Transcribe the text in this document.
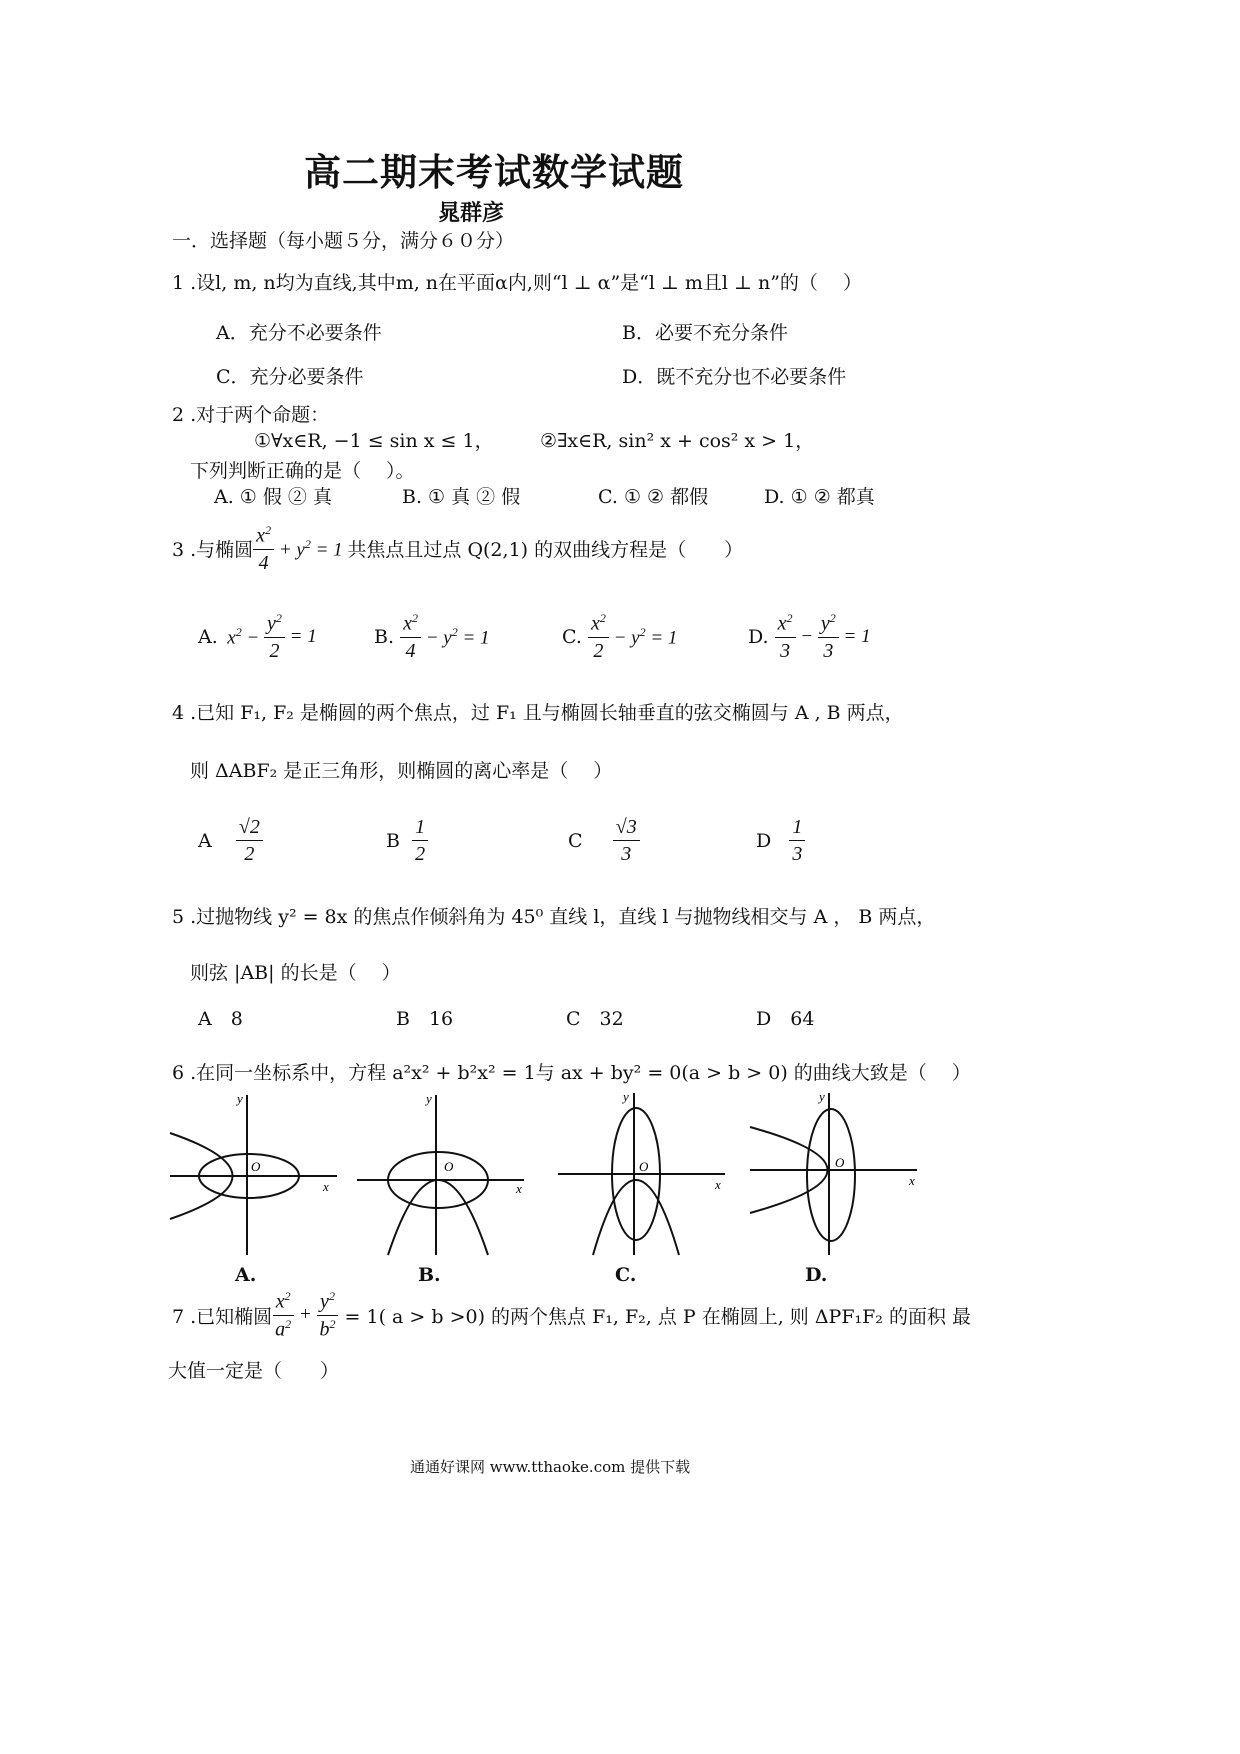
高二期末考试数学试题
晁群彦
一．选择题（每小题５分，满分６０分）
1 .设l, m, n均为直线,其中m, n在平面α内,则“l ⊥ α”是“l ⊥ m且l ⊥ n”的（　 ）
A．充分不必要条件	B．必要不充分条件
C．充分必要条件	D．既不充分也不必要条件
2 .对于两个命题：
①∀x∈R, −1 ≤ sin x ≤ 1， ②∃x∈R, sin² x + cos² x > 1，
下列判断正确的是（　 ）。
A. ① 假 ② 真	B. ① 真 ② 假	C. ① ② 都假	D. ① ② 都真
3 .与椭圆 $\frac{x^2}{4} + y^2 = 1$ 共焦点且过点 Q(2,1) 的双曲线方程是（　　）
A. $x^2 - \frac{y^2}{2} = 1$	B.
$\frac{x^2}{4} - y^2 = 1$	C.
$\frac{x^2}{2} - y^2 = 1$	D.
$\frac{x^2}{3} - \frac{y^2}{3} = 1$
4 .已知 F₁, F₂ 是椭圆的两个焦点，过 F₁ 且与椭圆长轴垂直的弦交椭圆与 A , B 两点，
则 ΔABF₂ 是正三角形，则椭圆的离心率是（　 ）
A
$\frac{√2}{2}$	B
$\frac{1}{2}$	C
$\frac{√3}{3}$	D
$\frac{1}{3}$
5 .过抛物线 y² = 8x 的焦点作倾斜角为 45⁰ 直线 l，直线 l 与抛物线相交与 A ， B 两点，
则弦 |AB| 的长是（　 ）
A　8	B　16	C　32	D　64
6 .在同一坐标系中，方程 a²x² + b²x² = 1与 ax + by² = 0(a > b > 0) 的曲线大致是（　 ）
y
x
O
A.
y
x
O
B.
y
x
O
C.
y
x
O
D.
7 .已知椭圆 $\frac{x^2}{a^2} + \frac{y^2}{b^2}$
= 1( a > b >0) 的两个焦点 F₁, F₂, 点 P 在椭圆上, 则 ΔPF₁F₂ 的面积 最
大值一定是（　　）
通通好课网 www.tthaoke.com 提供下载
